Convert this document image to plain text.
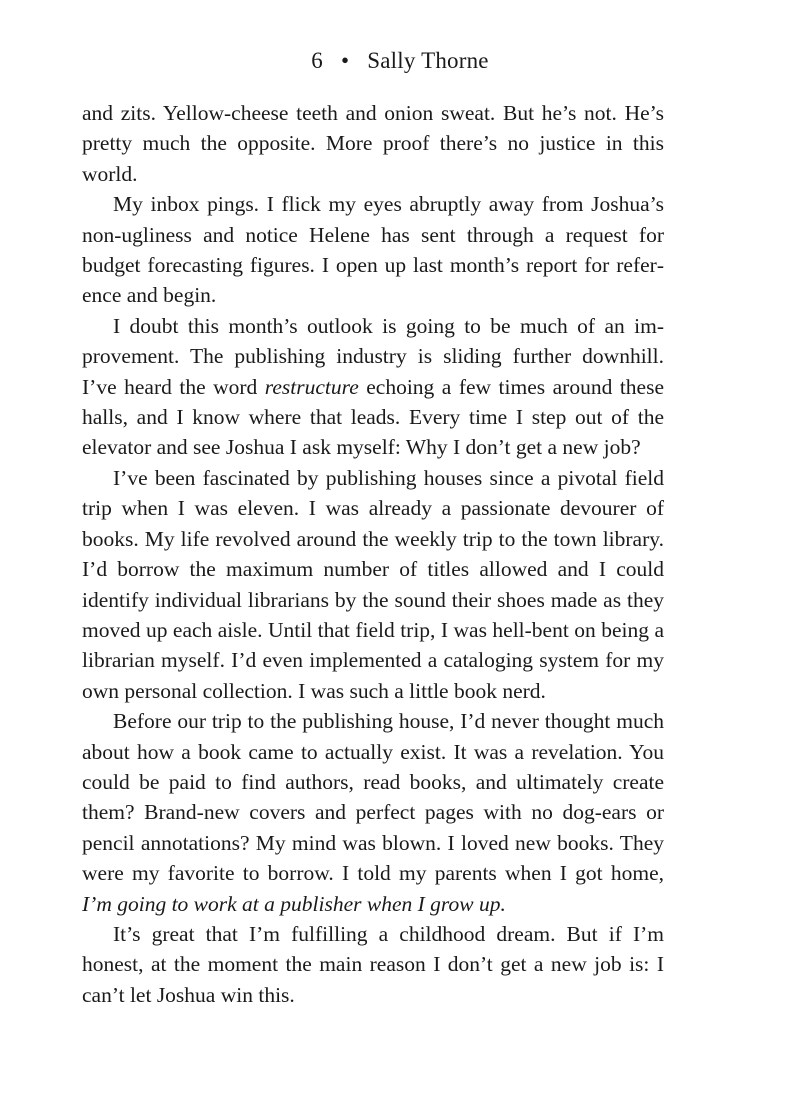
6 • Sally Thorne

and zits. Yellow-cheese teeth and onion sweat. But he’s not. He’s pretty much the opposite. More proof there’s no justice in this world.

My inbox pings. I flick my eyes abruptly away from Joshua’s non-ugliness and notice Helene has sent through a request for budget forecasting figures. I open up last month’s report for reference and begin.

I doubt this month’s outlook is going to be much of an improvement. The publishing industry is sliding further downhill. I’ve heard the word restructure echoing a few times around these halls, and I know where that leads. Every time I step out of the elevator and see Joshua I ask myself: Why I don’t get a new job?

I’ve been fascinated by publishing houses since a pivotal field trip when I was eleven. I was already a passionate devourer of books. My life revolved around the weekly trip to the town library. I’d borrow the maximum number of titles allowed and I could identify individual librarians by the sound their shoes made as they moved up each aisle. Until that field trip, I was hell-bent on being a librarian myself. I’d even implemented a cataloging system for my own personal collection. I was such a little book nerd.

Before our trip to the publishing house, I’d never thought much about how a book came to actually exist. It was a revelation. You could be paid to find authors, read books, and ultimately create them? Brand-new covers and perfect pages with no dog-ears or pencil annotations? My mind was blown. I loved new books. They were my favorite to borrow. I told my parents when I got home, I’m going to work at a publisher when I grow up.

It’s great that I’m fulfilling a childhood dream. But if I’m honest, at the moment the main reason I don’t get a new job is: I can’t let Joshua win this.
